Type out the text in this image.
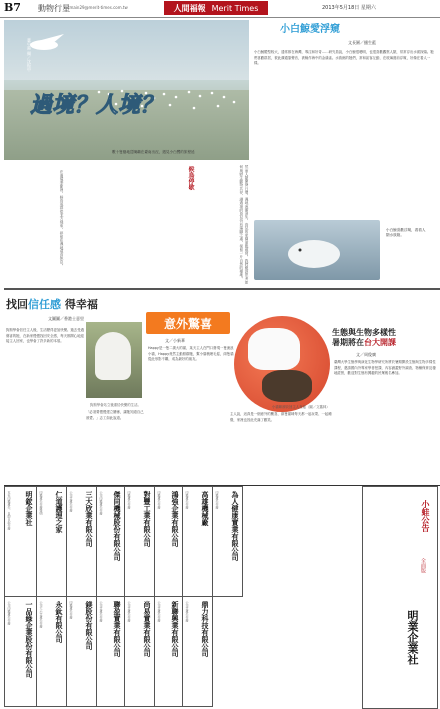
B7 動物行星
mtmain29@merit-times.com.tw	人間福報 Merit Times	2013年5月18日 星期六
臺中港 攝／沈振中
過境？人境？
數十隻棲地琵嘴鷸在臺南出沒，遇見小白鷺的旅程延
小白鯨愛浮窺
文長圓／播生藍
小白鯨體型較大，通常都在海灣，專注和好奇……研究員說，小白鯨很聰明，也很喜歡觀察人類，常常浮出水面探頭。牠們喜歡群居，彼此溝通靠聲音，被稱作海中的金絲雀。水族館的牠們，常和訪客互動，在玻璃窗前浮窺，好像在看人一樣。
小白鯨喜歡浮窺，看看人類水族箱。
在過境季節裡，候鳥成群從北方飛來，停留在濕地覓食休息。	然而人類開發日增，濕地逐漸消失，鳥兒的家園面臨威脅。我們應該思考如何與野生動物共存，讓過境的鳥兒仍有落腳之處，保留一片自然的棲地。
候鳥停歇
找回信任感 得幸福
文圖圖／香港士意里
狗狗學會信任主人後，生活變得更加快樂。過去受過傷害的牠，在新家慢慢找回安全感，每天都開心地迎接主人回家，也學會了許多新的本領。
狗狗學會站立後重拾快樂的生活。
「必須要慢慢建立關係，讓牠知道自己被愛。」志工如此說道。
意外驚喜
文／小新華
Happy是一隻二歲大的貓，某天主人在門口發現一隻流浪小貓，Happy竟然主動照顧牠，幫小貓梳理毛髮，兩隻貓從此形影不離，成為最好的朋友。
小貓咪被收回主人身邊（圖／文鑫林）
主人說，這真是一個意外的驚喜，兩隻貓咪每天都一起玩耍、一起睡覺，家裡也因此充滿了歡笑。
生態與生物多樣性
暑期將在台大開課
文／周俊廣
臺灣大學生態學與演化生物學研究所將於暑期開設生態與生物多樣性課程，邀請國內外專家學者授課，內容涵蓋野外調查、物種保育及棲地經營，歡迎對生態有興趣的民眾報名參加。
明鋐企業社
本社印鑑遺失，自即日起作廢
一品綠企業股份有限公司
公司印鑑遺失作廢
仁道護理之家
印鑑遺失作廢聲明
永鈦有限公司
公司大小章遺失作廢
三大欣業有限公司
公司章遺失作廢
鎂股份有限公司
印鑑遺失作廢
傑同機械股份有限公司
公司印鑑遺失作廢
聯盈實業有限公司
公司章遺失作廢
對豐工業有限公司
印鑑遺失作廢
尚易實業有限公司
公司章遺失作廢
鴻強企業有限公司
印鑑遺失作廢
新聯興業有限公司
公司章遺失作廢
高雄機械廠
印鑑遺失作廢
鼎力科技有限公司
公司章遺失作廢
為人健康實業有限公司
印鑑遺失作廢	小蛙公告
全面版
明業企業社
